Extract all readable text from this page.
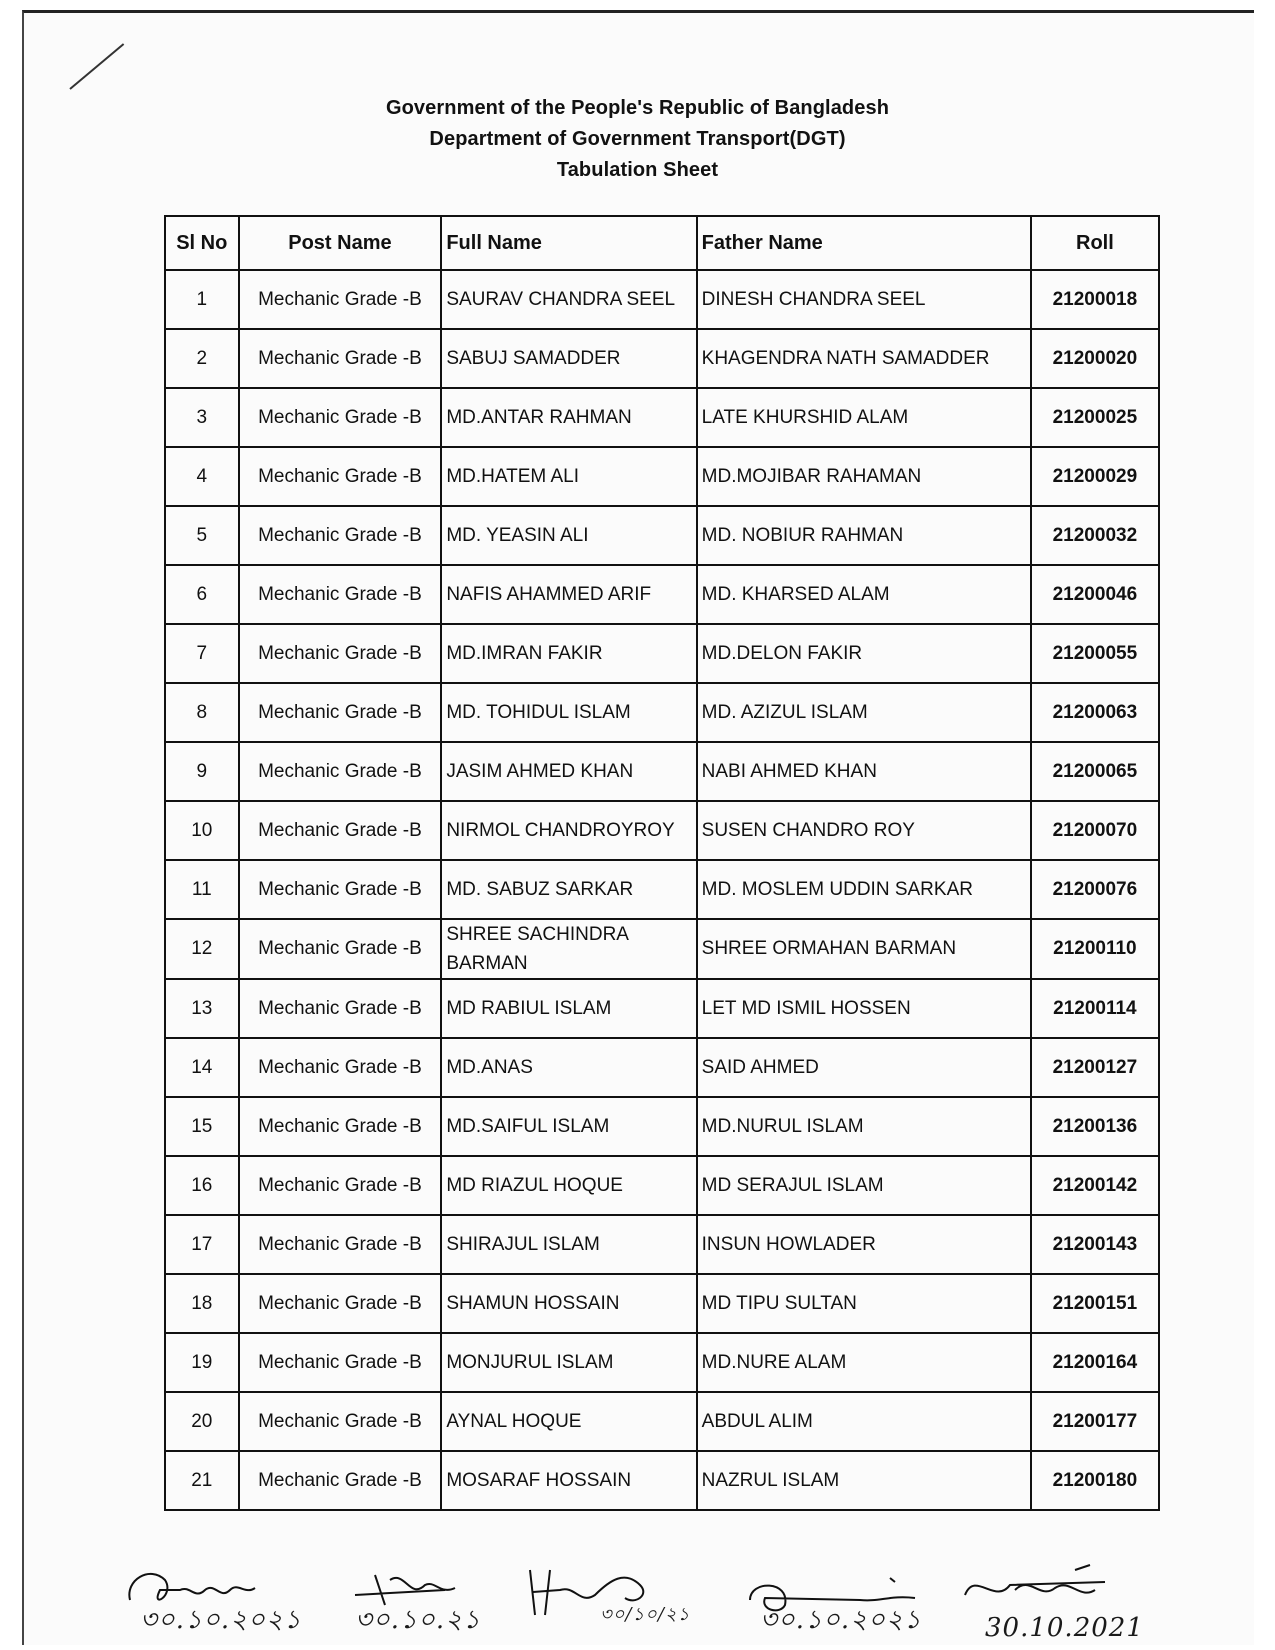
Government of the People's Republic of Bangladesh
Department of Government Transport(DGT)
Tabulation Sheet
Sl No	Post Name	Full Name	Father Name	Roll
1	Mechanic Grade -B	SAURAV CHANDRA SEEL	DINESH CHANDRA SEEL	21200018
2	Mechanic Grade -B	SABUJ SAMADDER	KHAGENDRA NATH SAMADDER	21200020
3	Mechanic Grade -B	MD.ANTAR RAHMAN	LATE KHURSHID ALAM	21200025
4	Mechanic Grade -B	MD.HATEM ALI	MD.MOJIBAR RAHAMAN	21200029
5	Mechanic Grade -B	MD. YEASIN ALI	MD. NOBIUR RAHMAN	21200032
6	Mechanic Grade -B	NAFIS AHAMMED ARIF	MD. KHARSED ALAM	21200046
7	Mechanic Grade -B	MD.IMRAN FAKIR	MD.DELON FAKIR	21200055
8	Mechanic Grade -B	MD. TOHIDUL ISLAM	MD. AZIZUL ISLAM	21200063
9	Mechanic Grade -B	JASIM AHMED KHAN	NABI AHMED KHAN	21200065
10	Mechanic Grade -B	NIRMOL CHANDROYROY	SUSEN CHANDRO ROY	21200070
11	Mechanic Grade -B	MD. SABUZ SARKAR	MD. MOSLEM UDDIN SARKAR	21200076
12	Mechanic Grade -B	SHREE SACHINDRA BARMAN	SHREE ORMAHAN BARMAN	21200110
13	Mechanic Grade -B	MD RABIUL ISLAM	LET MD ISMIL HOSSEN	21200114
14	Mechanic Grade -B	MD.ANAS	SAID AHMED	21200127
15	Mechanic Grade -B	MD.SAIFUL ISLAM	MD.NURUL ISLAM	21200136
16	Mechanic Grade -B	MD RIAZUL HOQUE	MD SERAJUL ISLAM	21200142
17	Mechanic Grade -B	SHIRAJUL ISLAM	INSUN HOWLADER	21200143
18	Mechanic Grade -B	SHAMUN HOSSAIN	MD TIPU SULTAN	21200151
19	Mechanic Grade -B	MONJURUL ISLAM	MD.NURE ALAM	21200164
20	Mechanic Grade -B	AYNAL HOQUE	ABDUL ALIM	21200177
21	Mechanic Grade -B	MOSARAF HOSSAIN	NAZRUL ISLAM	21200180
৩০.১০.২০২১ ৩০.১০.২১	৩০/১০/২১	৩০.১০.২০২১ 30.10.2021
